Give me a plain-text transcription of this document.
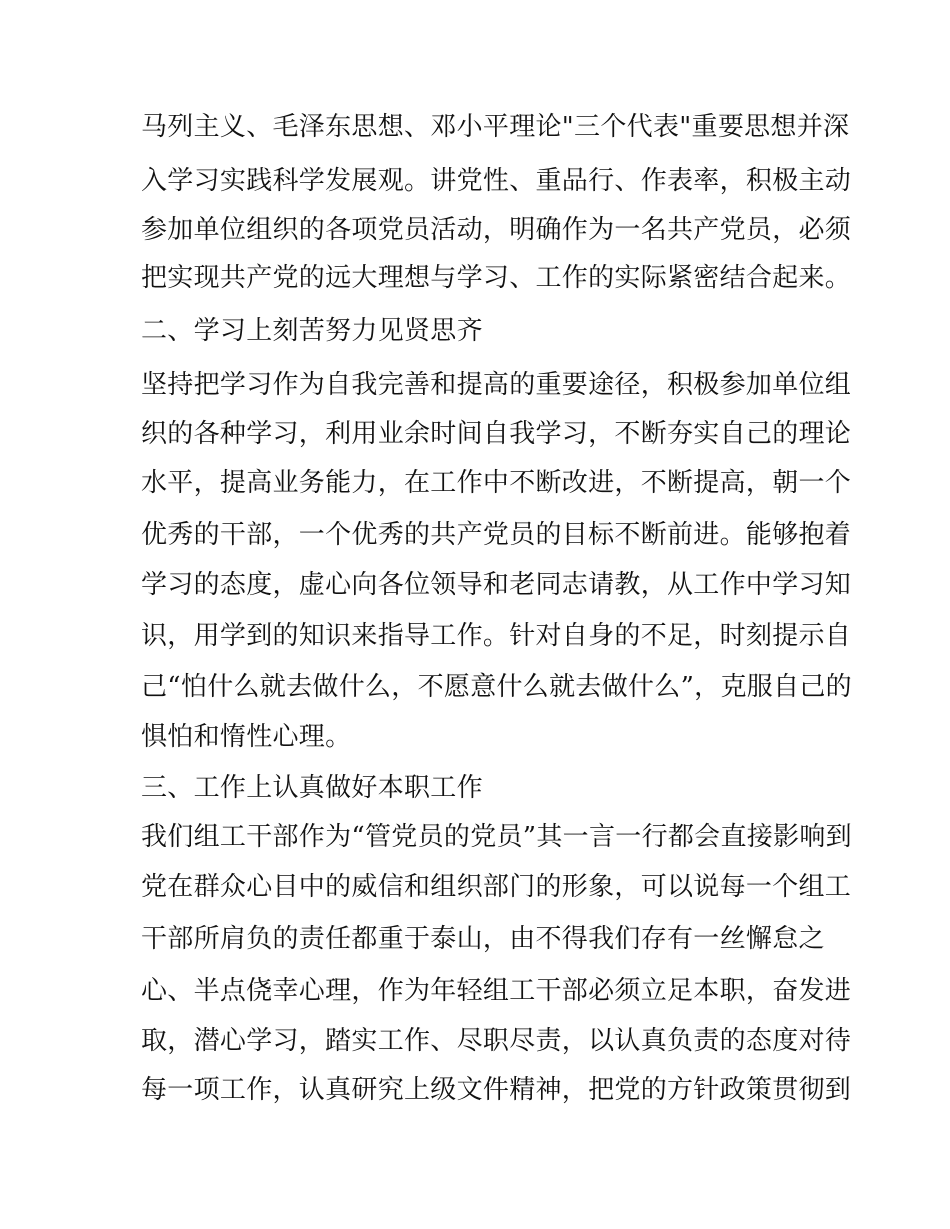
马列主义、毛泽东思想、邓小平理论"三个代表"重要思想并深
入学习实践科学发展观。讲党性、重品行、作表率，积极主动
参加单位组织的各项党员活动，明确作为一名共产党员，必须
把实现共产党的远大理想与学习、工作的实际紧密结合起来。
二、学习上刻苦努力见贤思齐
坚持把学习作为自我完善和提高的重要途径，积极参加单位组
织的各种学习，利用业余时间自我学习，不断夯实自己的理论
水平，提高业务能力，在工作中不断改进，不断提高，朝一个
优秀的干部，一个优秀的共产党员的目标不断前进。能够抱着
学习的态度，虚心向各位领导和老同志请教，从工作中学习知
识，用学到的知识来指导工作。针对自身的不足，时刻提示自
己“怕什么就去做什么，不愿意什么就去做什么”，克服自己的
惧怕和惰性心理。
三、工作上认真做好本职工作
我们组工干部作为“管党员的党员”其一言一行都会直接影响到
党在群众心目中的威信和组织部门的形象，可以说每一个组工
干部所肩负的责任都重于泰山，由不得我们存有一丝懈怠之
心、半点侥幸心理，作为年轻组工干部必须立足本职，奋发进
取，潜心学习，踏实工作、尽职尽责，以认真负责的态度对待
每一项工作，认真研究上级文件精神，把党的方针政策贯彻到
